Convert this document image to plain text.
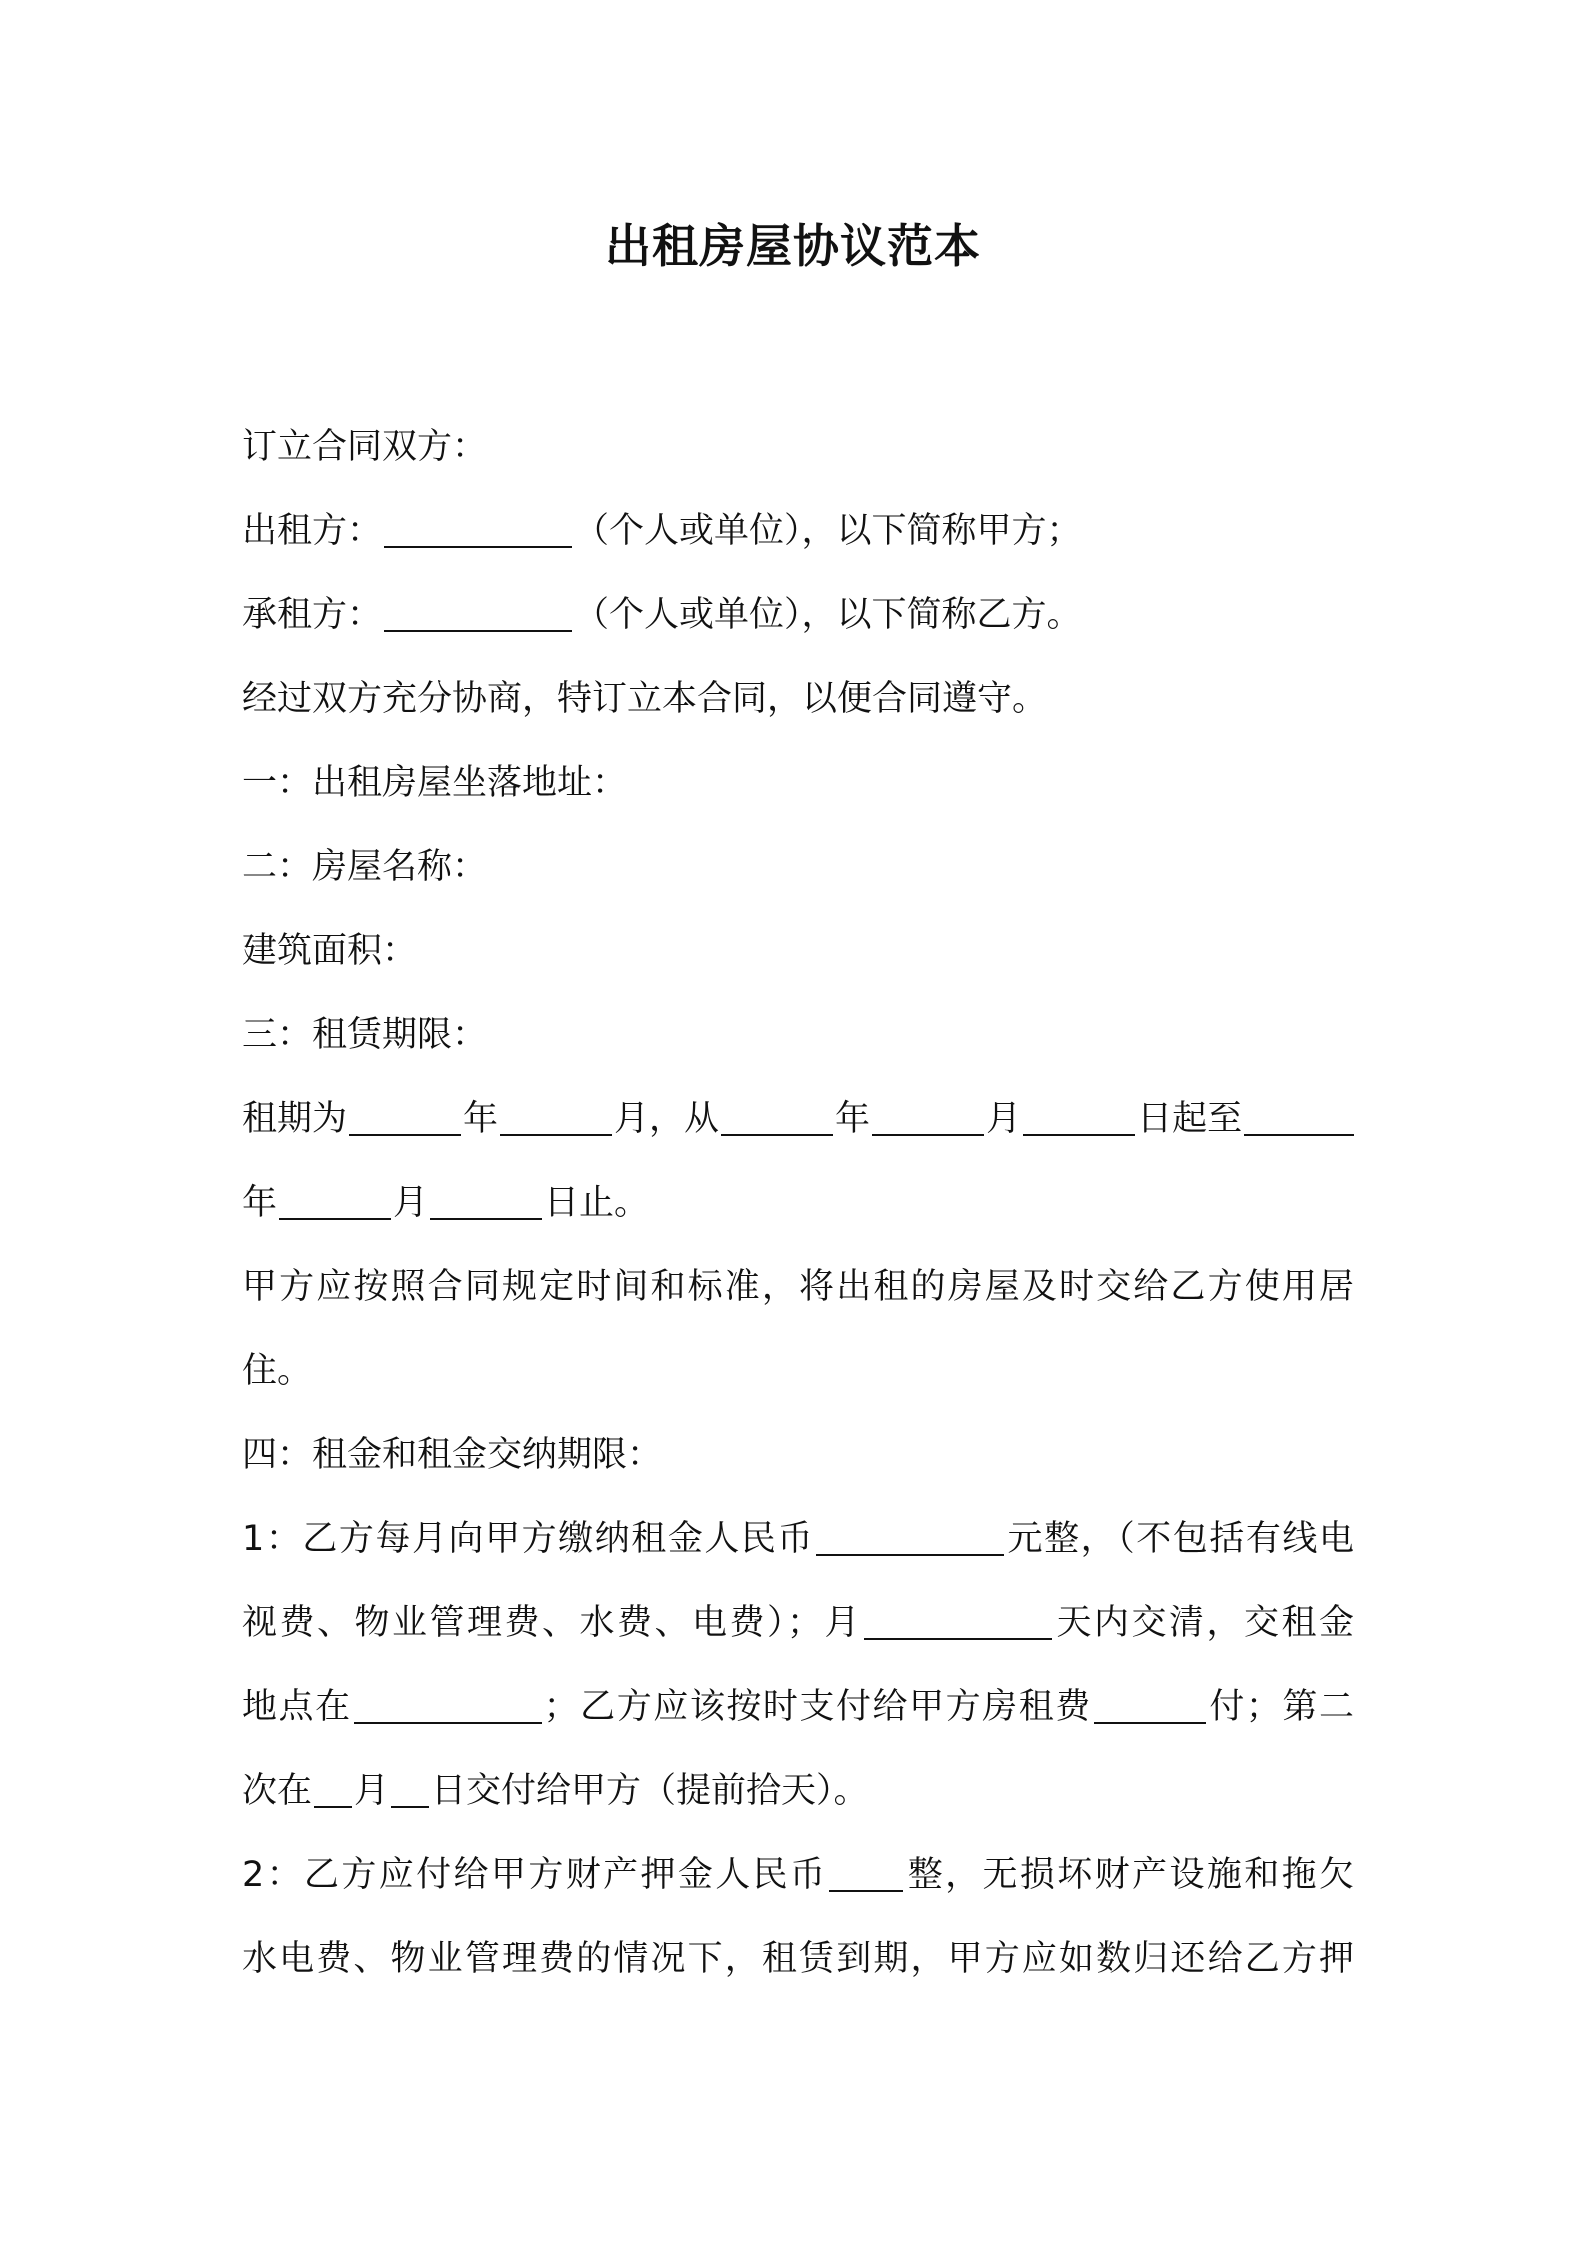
出租房屋协议范本
订立合同双方：
出租方：	（个人或单位），以下简称甲方；
承租方：	（个人或单位），以下简称乙方。
经过双方充分协商，特订立本合同，以便合同遵守。
一：出租房屋坐落地址：
二：房屋名称：
建筑面积：
三：租赁期限：
租期为	年	月，从	年	月	日起至
年	月	日止。
甲方应按照合同规定时间和标准，将出租的房屋及时交给乙方使用居
住。
四：租金和租金交纳期限：
1：乙方每月向甲方缴纳租金人民币	元整，（不包括有线电
视费、物业管理费、水费、电费）；月	天内交清，交租金
地点在	；乙方应该按时支付给甲方房租费	付；第二
次在 月 日交付给甲方（提前拾天）。
2：乙方应付给甲方财产押金人民币 整，无损坏财产设施和拖欠
水电费、物业管理费的情况下，租赁到期，甲方应如数归还给乙方押
